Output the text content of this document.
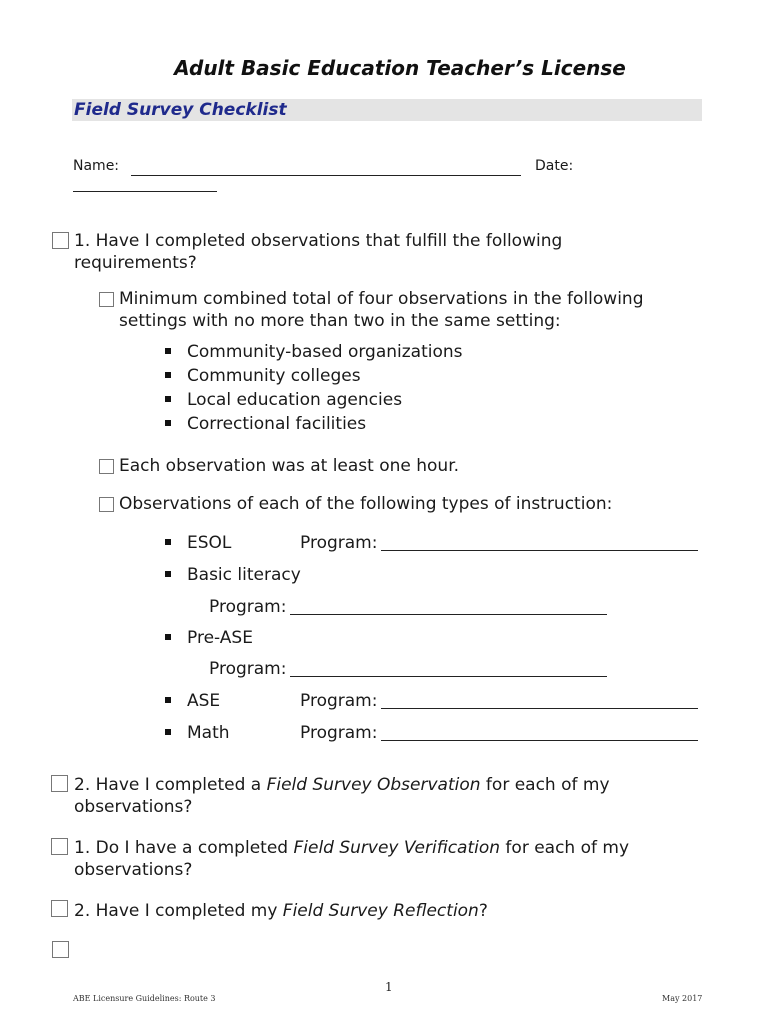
Adult Basic Education Teacher’s License
Field Survey Checklist
Name:	Date:
1. Have I completed observations that fulfill the following requirements?
Minimum combined total of four observations in the following settings with no more than two in the same setting:
Community-based organizations
Community colleges
Local education agencies
Correctional facilities
Each observation was at least one hour.
Observations of each of the following types of instruction:
ESOL	Program:
Basic literacy
Program:
Pre-ASE
Program:
ASE	Program:
Math	Program:
2. Have I completed a Field Survey Observation for each of my observations?
1. Do I have a completed Field Survey Verification for each of my observations?
2. Have I completed my Field Survey Reflection?
1
ABE Licensure Guidelines: Route 3	May 2017
